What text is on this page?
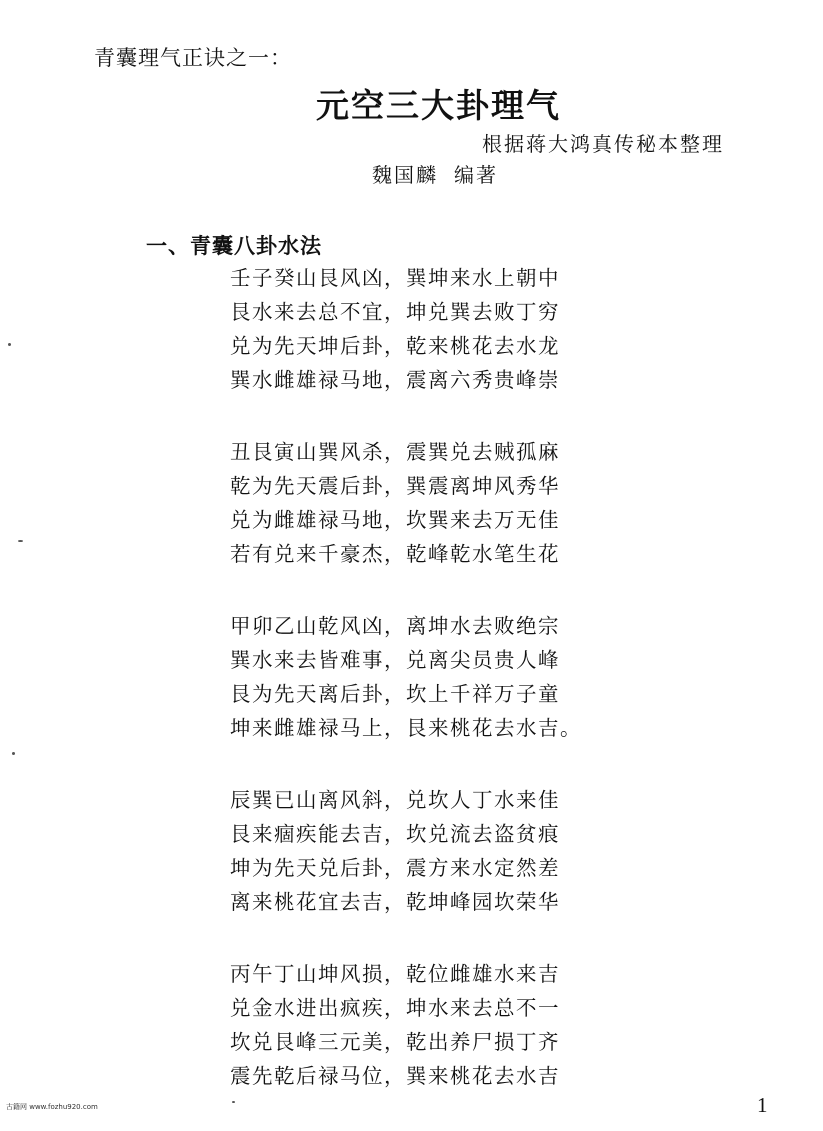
青囊理气正诀之一：
元空三大卦理气
根据蒋大鸿真传秘本整理
魏国麟 编著
一、青囊八卦水法
壬子癸山艮风凶，巽坤来水上朝中
艮水来去总不宜，坤兑巽去败丁穷
兑为先天坤后卦，乾来桃花去水龙
巽水雌雄禄马地，震离六秀贵峰崇
丑艮寅山巽风杀，震巽兑去贼孤麻
乾为先天震后卦，巽震离坤风秀华
兑为雌雄禄马地，坎巽来去万无佳
若有兑来千豪杰，乾峰乾水笔生花
甲卯乙山乾风凶，离坤水去败绝宗
巽水来去皆难事，兑离尖员贵人峰
艮为先天离后卦，坎上千祥万子童
坤来雌雄禄马上，艮来桃花去水吉。
辰巽已山离风斜，兑坎人丁水来佳
艮来痼疾能去吉，坎兑流去盗贫痕
坤为先天兑后卦，震方来水定然差
离来桃花宜去吉，乾坤峰园坎荣华
丙午丁山坤风损，乾位雌雄水来吉
兑金水进出疯疾，坤水来去总不一
坎兑艮峰三元美，乾出养尸损丁齐
震先乾后禄马位，巽来桃花去水吉
古籍网 www.fozhu920.com	1
